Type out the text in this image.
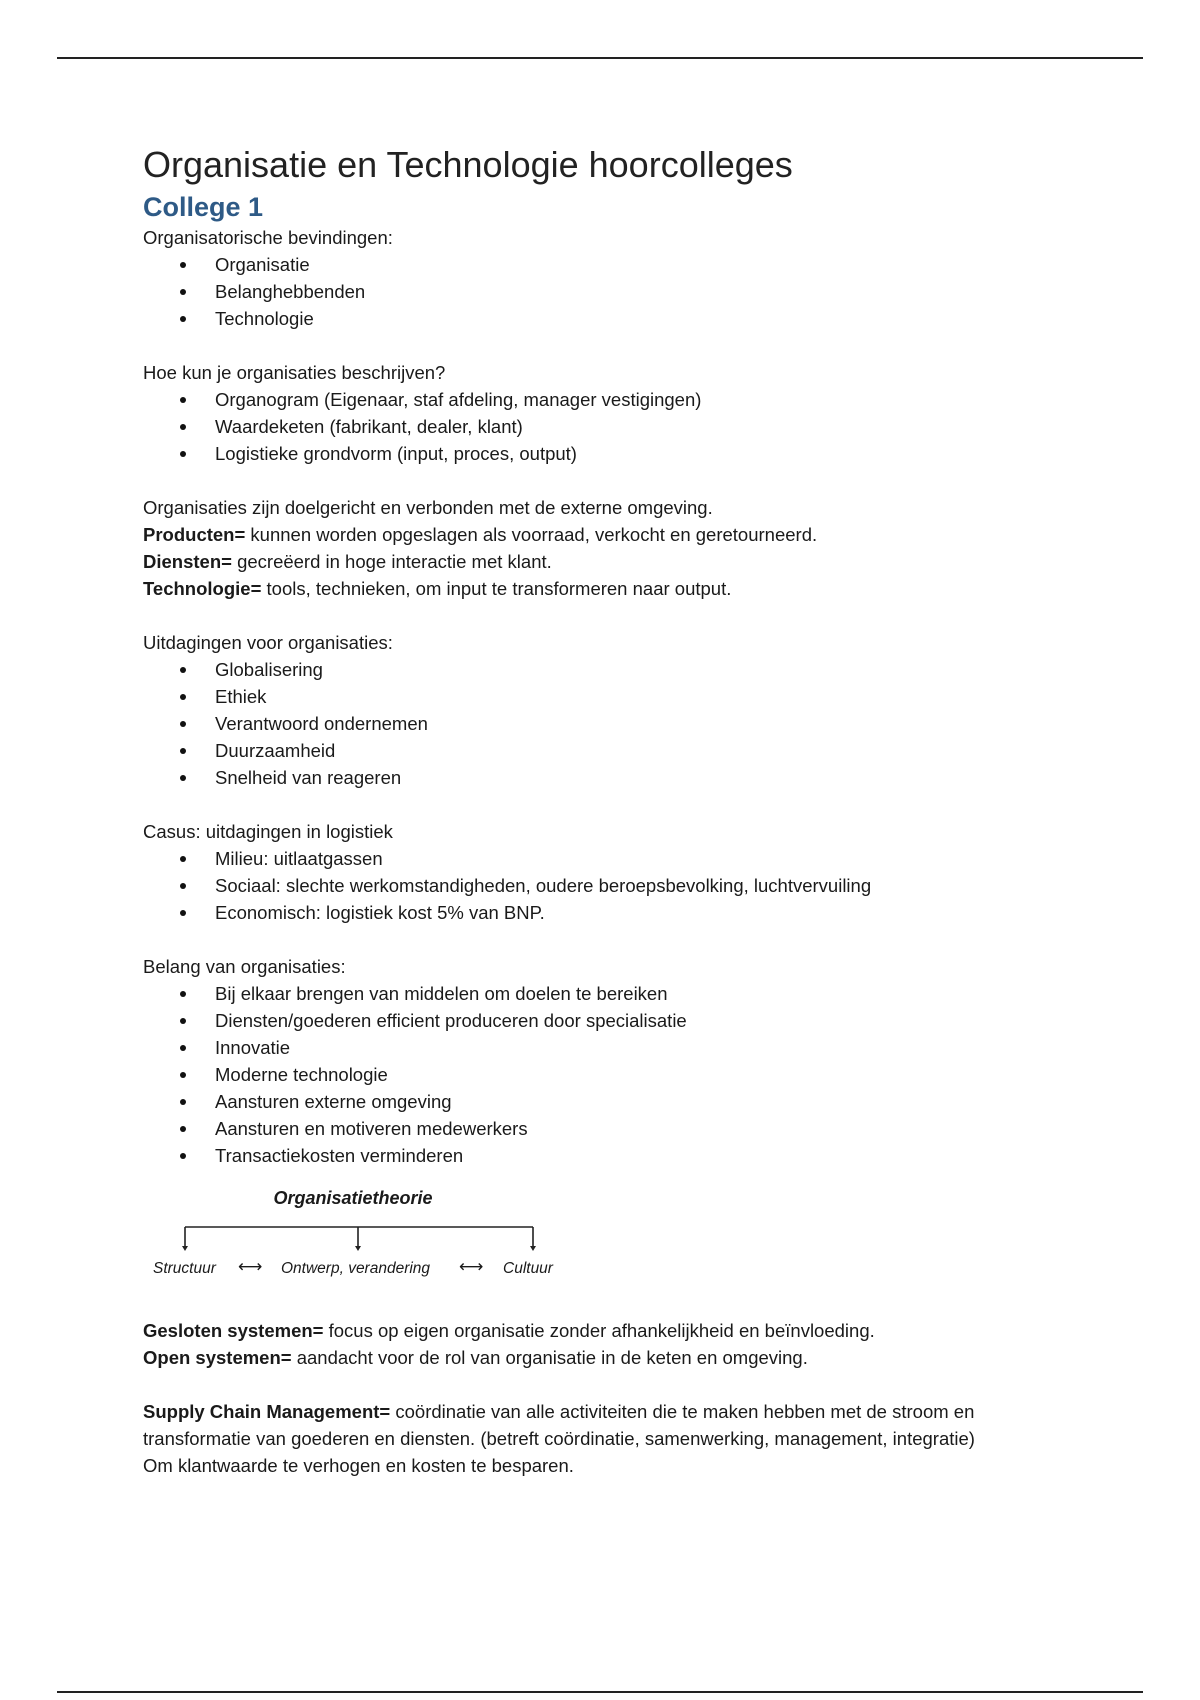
Organisatie en Technologie hoorcolleges
College 1

Organisatorische bevindingen:

Organisatie
Belanghebbenden
Technologie

Hoe kun je organisaties beschrijven?

Organogram (Eigenaar, staf afdeling, manager vestigingen)
Waardeketen (fabrikant, dealer, klant)
Logistieke grondvorm (input, proces, output)

Organisaties zijn doelgericht en verbonden met de externe omgeving.

Producten= kunnen worden opgeslagen als voorraad, verkocht en geretourneerd.

Diensten= gecreëerd in hoge interactie met klant.

Technologie= tools, technieken, om input te transformeren naar output.

Uitdagingen voor organisaties:

Globalisering
Ethiek
Verantwoord ondernemen
Duurzaamheid
Snelheid van reageren

Casus: uitdagingen in logistiek

Milieu: uitlaatgassen
Sociaal: slechte werkomstandigheden, oudere beroepsbevolking, luchtvervuiling
Economisch: logistiek kost 5% van BNP.

Belang van organisaties:

Bij elkaar brengen van middelen om doelen te bereiken
Diensten/goederen efficient produceren door specialisatie
Innovatie
Moderne technologie
Aansturen externe omgeving
Aansturen en motiveren medewerkers
Transactiekosten verminderen
Organisatietheorie
Structuur ⟷ Ontwerp, verandering ⟷ Cultuur

Gesloten systemen= focus op eigen organisatie zonder afhankelijkheid en beïnvloeding.

Open systemen= aandacht voor de rol van organisatie in de keten en omgeving.

Supply Chain Management= coördinatie van alle activiteiten die te maken hebben met de stroom en transformatie van goederen en diensten. (betreft coördinatie, samenwerking, management, integratie)

Om klantwaarde te verhogen en kosten te besparen.
